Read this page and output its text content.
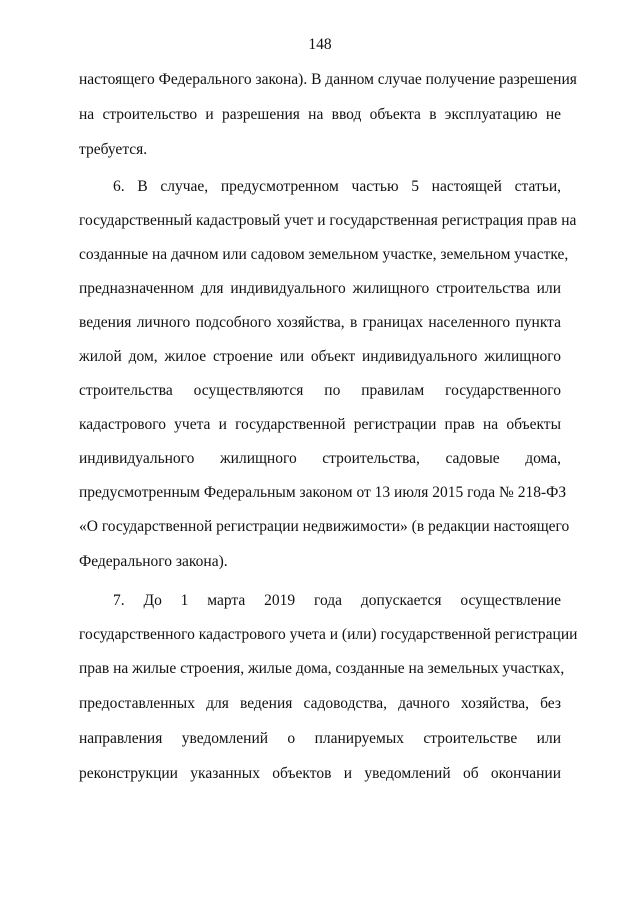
148
настоящего Федерального закона). В данном случае получение разрешения
на строительство и разрешения на ввод объекта в эксплуатацию не
требуется.
6. В случае, предусмотренном частью 5 настоящей статьи,
государственный кадастровый учет и государственная регистрация прав на
созданные на дачном или садовом земельном участке, земельном участке,
предназначенном для индивидуального жилищного строительства или
ведения личного подсобного хозяйства, в границах населенного пункта
жилой дом, жилое строение или объект индивидуального жилищного
строительства осуществляются по правилам государственного
кадастрового учета и государственной регистрации прав на объекты
индивидуального жилищного строительства, садовые дома,
предусмотренным Федеральным законом от 13 июля 2015 года № 218-ФЗ
«О государственной регистрации недвижимости» (в редакции настоящего
Федерального закона).
7. До 1 марта 2019 года допускается осуществление
государственного кадастрового учета и (или) государственной регистрации
прав на жилые строения, жилые дома, созданные на земельных участках,
предоставленных для ведения садоводства, дачного хозяйства, без
направления уведомлений о планируемых строительстве или
реконструкции указанных объектов и уведомлений об окончании
